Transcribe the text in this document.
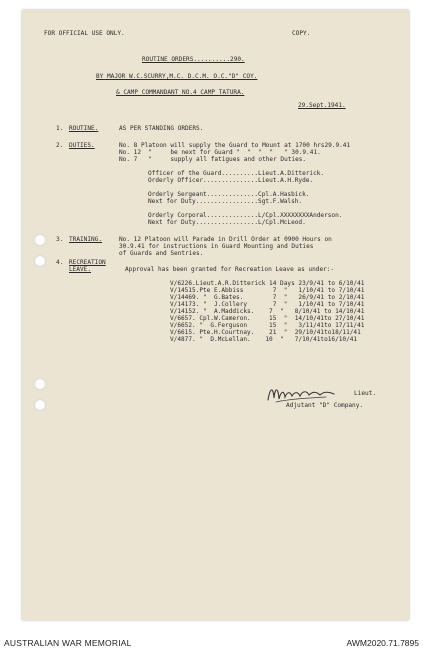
FOR OFFICIAL USE ONLY.	COPY.
ROUTINE ORDERS..........290.
BY MAJOR W.C.SCURRY,M.C. D.C.M. O.C."D" COY.
& CAMP COMMANDANT NO.4 CAMP TATURA.
29.Sept.1941.
1. ROUTINE.	AS PER STANDING ORDERS.
2. DUTIES.	No. 8 Platoon will supply the Guard to Mount at 1700 hrs29.9.41
No. 12  "     be next for Guard "  "  "  "   " 30.9.41.
No. 7   "     supply all fatigues and other Duties.
Officer of the Guard..........Lieut.A.Ditterick.
Orderly Officer...............Lieut.A.H.Ryde.
Orderly Sergeant..............Cpl.A.Hasbick.
Next for Duty.................Sgt.F.Walsh.
Orderly Corporal..............L/Cpl.XXXXXXXXAnderson.
Next for Duty.................L/Cpl.McLeod.
3. TRAINING.	No. 12 Platoon will Parade in Drill Order at 0900 Hours on
30.9.41 for instructions in Guard Mounting and Duties
of Guards and Sentries.
4. RECREATION
LEAVE.	Approval has been granted for Recreation Leave as under:-
V/6226.Lieut.A.R.Ditterick 14 Days 23/9/41 to 6/10/41
V/14515.Pte E.Abbiss        7  "   1/10/41 to 7/10/41
V/14469. "  G.Bates.        7  "   26/9/41 to 2/10/41
V/14173. "  J.Collery       7  "   1/10/41 to 7/10/41
V/14152. "  A.Maddicks.    7  "   8/10/41 to 14/10/41
V/6657. Cpl.W.Cameron.     15  "  14/10/41to 27/10/41
V/6652. "  G.Ferguson      15  "   3/11/41to 17/11/41
V/6615. Pte.H.Courtnay.    21  "  29/10/41to18/11/41
V/4877. "  D.McLellan.    10  "   7/10/41to16/10/41
Lieut.
Adjutant "D" Company.
AUSTRALIAN WAR MEMORIAL	AWM2020.71.7895
